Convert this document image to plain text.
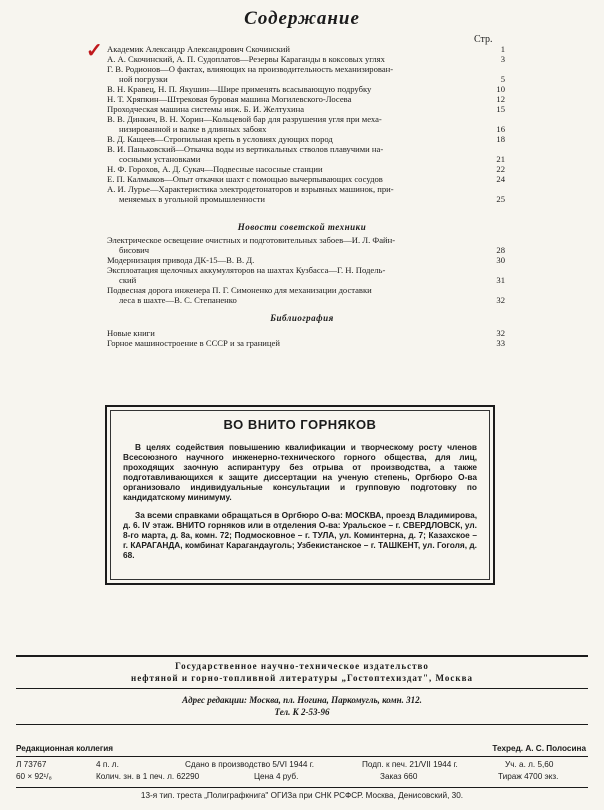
Содержание
Стр.
✓ Академик Александр Александрович Скочинский	1
А. А. Скочинский, А. П. Судоплатов—Резервы Караганды в коксовых углях	3
Г. В. Родионов—О фактах, влияющих на производительность механизирован-
ной погрузки	5
В. Н. Кравец, Н. П. Якушин—Шире применять всасывающую подрубку	10
Н. Т. Хряпкин—Штрековая буровая машина Могилевского-Лосева	12
Проходческая машина системы инж. Б. И. Желтухина	15
В. В. Динкич, В. Н. Хорин—Кольцевой бар для разрушения угля при меха-
низированной и валке в длинных забоях	16
В. Д. Кащеев—Стропильная крепь в условиях дующих пород	18
В. И. Паньковский—Откачка воды из вертикальных стволов плавучими на-
сосными установками	21
Н. Ф. Горохов, А. Д. Сукач—Подвесные насосные станции	22
Е. П. Калмыков—Опыт откачки шахт с помощью вычерпывающих сосудов	24
А. И. Лурье—Характеристика электродетонаторов и взрывных машинок, при-
меняемых в угольной промышленности	25
Новости советской техники
Электрическое освещение очистных и подготовительных забоев—И. Л. Файн-
бисович	28
Модернизация привода ДК-15—В. В. Д.	30
Эксплоатация щелочных аккумуляторов на шахтах Кузбасса—Г. Н. Подель-
ский	31
Подвесная дорога инженера П. Г. Симоненко для механизации доставки
леса в шахте—В. С. Степаненко	32
Библиография
Новые книги	32
Горное машиностроение в СССР и за границей	33
ВО ВНИТО ГОРНЯКОВ

В целях содействия повышению квалификации и творческому росту членов Всесоюзного научного инженерно-технического горного общества, для лиц, проходящих заочную аспирантуру без отрыва от производства, а также подготавливающихся к защите диссертации на ученую степень, Оргбюро О-ва организовало индивидуальные консультации и групповую подготовку по кандидатскому минимуму.

За всеми справками обращаться в Оргбюро О-ва: МОСКВА, проезд Владимирова, д. 6. IV этаж. ВНИТО горняков или в отделения О-ва: Уральское – г. СВЕРДЛОВСК, ул. 8-го марта, д. 8а, комн. 72; Подмосковное – г. ТУЛА, ул. Коминтерна, д. 7; Казахское – г. КАРАГАНДА, комбинат Карагандауголь; Узбекистанское – г. ТАШКЕНТ, ул. Гоголя, д. 68.

Государственное научно-техническое издательство
нефтяной и горно-топливной литературы „Гостоптехиздат", Москва
Адрес редакции: Москва, пл. Ногина, Паркомугль, комн. 312.
Тел. К 2-53-96
Редакционная коллегия	Техред. А. С. Полосина
Л 73767	4 п. л.	Сдано в производство 5/VI 1944 г.	Подп. к печ. 21/VII 1944 г.	Уч. а. л. 5,60
60 × 92¹/₈	Колич. зн. в 1 печ. л. 62290	Цена 4 руб.	Заказ 660	Тираж 4700 экз.
13-я тип. треста „Полиграфкнига" ОГИЗа при СНК РСФСР. Москва, Денисовский, 30.
